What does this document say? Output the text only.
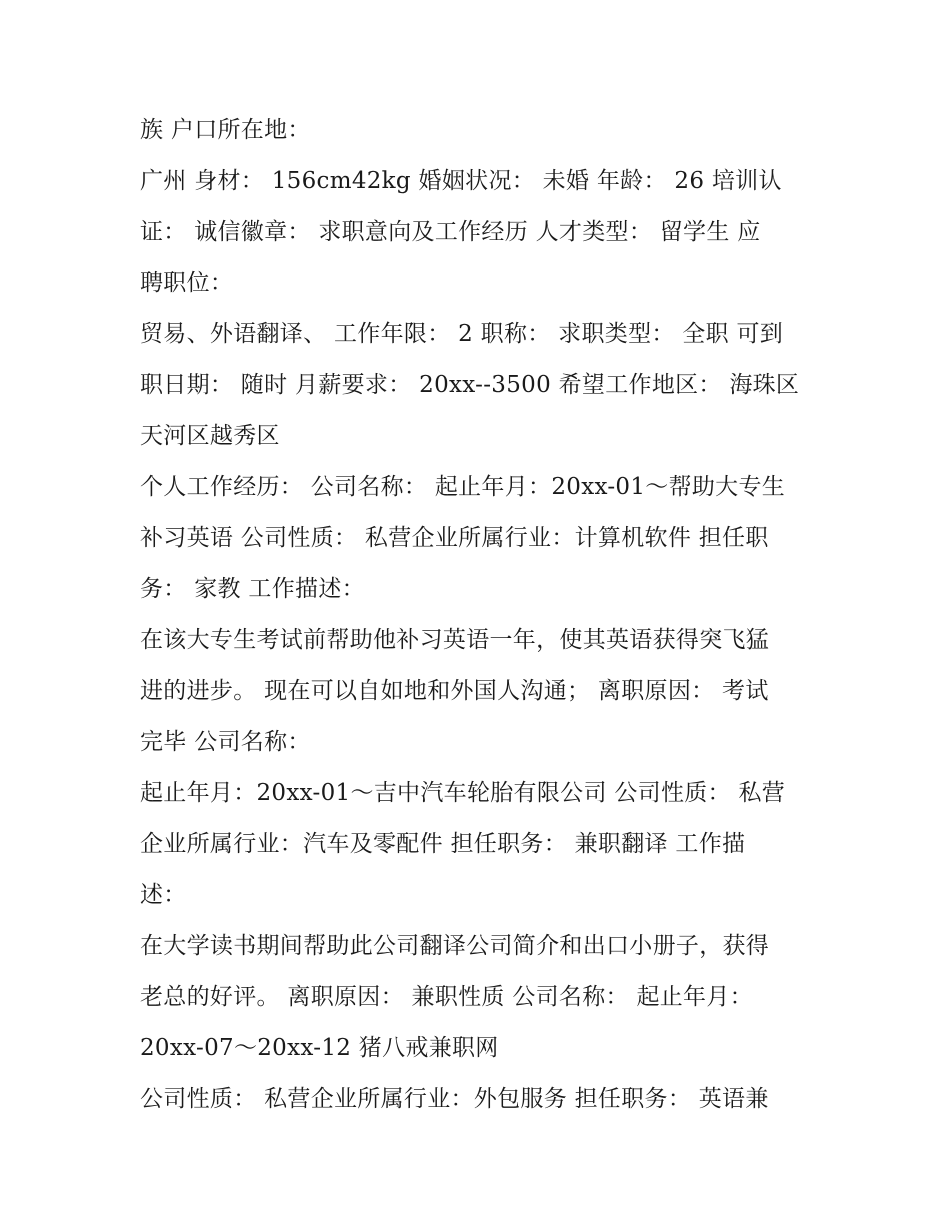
族 户口所在地：
广州 身材： 156cm42kg 婚姻状况： 未婚 年龄： 26 培训认
证： 诚信徽章： 求职意向及工作经历 人才类型： 留学生 应
聘职位：
贸易、外语翻译、 工作年限： 2 职称： 求职类型： 全职 可到
职日期： 随时 月薪要求： 20xx--3500 希望工作地区： 海珠区
天河区越秀区
个人工作经历： 公司名称： 起止年月：20xx-01～帮助大专生
补习英语 公司性质： 私营企业所属行业：计算机软件 担任职
务： 家教 工作描述：
在该大专生考试前帮助他补习英语一年，使其英语获得突飞猛
进的进步。 现在可以自如地和外国人沟通； 离职原因： 考试
完毕 公司名称：
起止年月：20xx-01～吉中汽车轮胎有限公司 公司性质： 私营
企业所属行业：汽车及零配件 担任职务： 兼职翻译 工作描
述：
在大学读书期间帮助此公司翻译公司简介和出口小册子，获得
老总的好评。 离职原因： 兼职性质 公司名称： 起止年月：
20xx-07～20xx-12 猪八戒兼职网
公司性质： 私营企业所属行业：外包服务 担任职务： 英语兼
